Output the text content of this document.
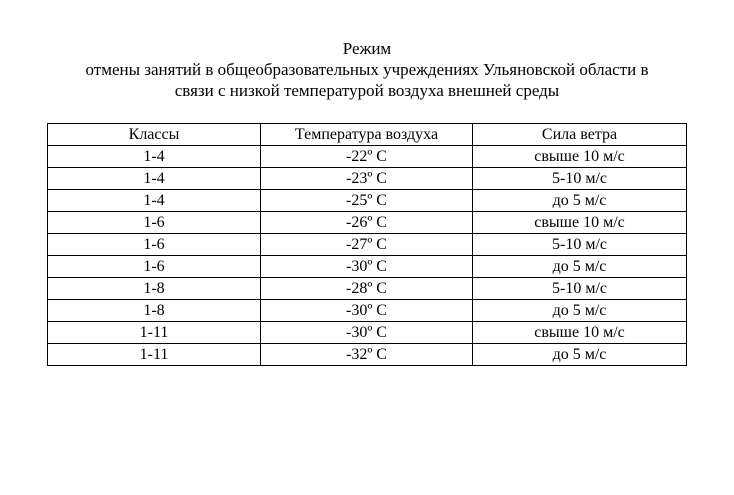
Режим
отмены занятий в общеобразовательных учреждениях Ульяновской области в
связи с низкой температурой воздуха внешней среды
Классы	Температура воздуха	Сила ветра
1-4	-22º С	свыше 10 м/с
1-4	-23º С	5-10 м/с
1-4	-25º С	до 5 м/с
1-6	-26º С	свыше 10 м/с
1-6	-27º С	5-10 м/с
1-6	-30º С	до 5 м/с
1-8	-28º С	5-10 м/с
1-8	-30º С	до 5 м/с
1-11	-30º С	свыше 10 м/с
1-11	-32º С	до 5 м/с
